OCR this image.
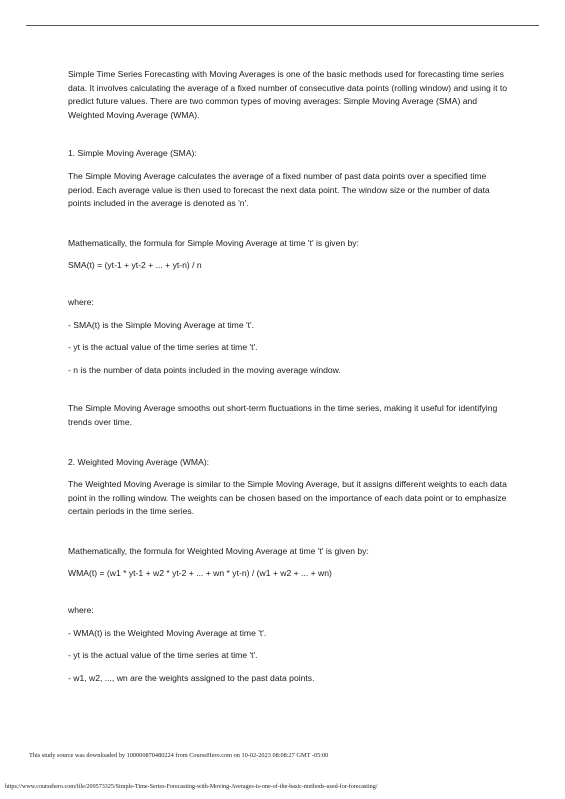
Simple Time Series Forecasting with Moving Averages is one of the basic methods used for forecasting time series data. It involves calculating the average of a fixed number of consecutive data points (rolling window) and using it to predict future values. There are two common types of moving averages: Simple Moving Average (SMA) and Weighted Moving Average (WMA).

1. Simple Moving Average (SMA):

The Simple Moving Average calculates the average of a fixed number of past data points over a specified time period. Each average value is then used to forecast the next data point. The window size or the number of data points included in the average is denoted as 'n'.

Mathematically, the formula for Simple Moving Average at time 't' is given by:

SMA(t) = (yt-1 + yt-2 + ... + yt-n) / n

where:

- SMA(t) is the Simple Moving Average at time 't'.

- yt is the actual value of the time series at time 't'.

- n is the number of data points included in the moving average window.

The Simple Moving Average smooths out short-term fluctuations in the time series, making it useful for identifying trends over time.

2. Weighted Moving Average (WMA):

The Weighted Moving Average is similar to the Simple Moving Average, but it assigns different weights to each data point in the rolling window. The weights can be chosen based on the importance of each data point or to emphasize certain periods in the time series.

Mathematically, the formula for Weighted Moving Average at time 't' is given by:

WMA(t) = (w1 * yt-1 + w2 * yt-2 + ... + wn * yt-n) / (w1 + w2 + ... + wn)

where:

- WMA(t) is the Weighted Moving Average at time 't'.

- yt is the actual value of the time series at time 't'.

- w1, w2, ..., wn are the weights assigned to the past data points.

This study source was downloaded by 100000870480224 from CourseHero.com on 10-02-2023 08:08:27 GMT -05:00
https://www.coursehero.com/file/209573325/Simple-Time-Series-Forecasting-with-Moving-Averages-is-one-of-the-basic-methods-used-for-forecasting/
